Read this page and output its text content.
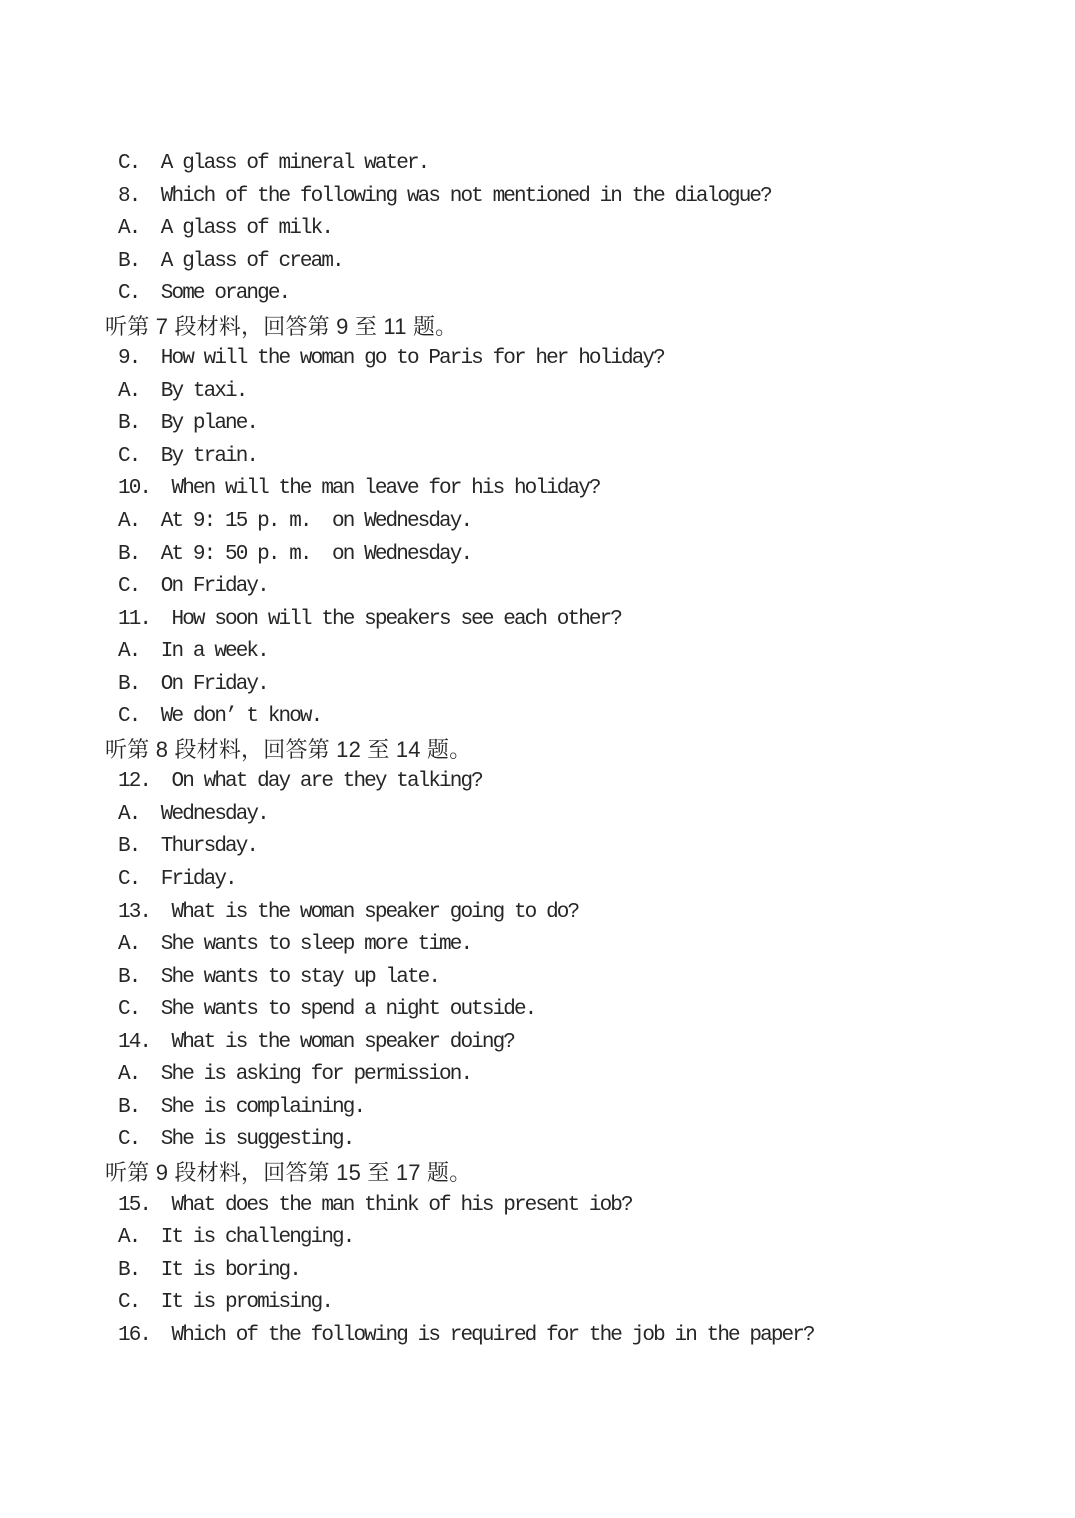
C.  A glass of mineral water.
8.  Which of the following was not mentioned in the dialogue?
A.  A glass of milk.
B.  A glass of cream.
C.  Some orange.
听第 7 段材料，回答第 9 至 11 题。
9.  How will the woman go to Paris for her holiday?
A.  By taxi.
B.  By plane.
C.  By train.
10.  When will the man leave for his holiday?
A.  At 9: 15 p. m.  on Wednesday.
B.  At 9: 50 p. m.  on Wednesday.
C.  On Friday.
11.  How soon will the speakers see each other?
A.  In a week.
B.  On Friday.
C.  We don’ t know.
听第 8 段材料，回答第 12 至 14 题。
12.  On what day are they talking?
A.  Wednesday.
B.  Thursday.
C.  Friday.
13.  What is the woman speaker going to do?
A.  She wants to sleep more time.
B.  She wants to stay up late.
C.  She wants to spend a night outside.
14.  What is the woman speaker doing?
A.  She is asking for permission.
B.  She is complaining.
C.  She is suggesting.
听第 9 段材料，回答第 15 至 17 题。
15.  What does the man think of his present iob?
A.  It is challenging.
B.  It is boring.
C.  It is promising.
16.  Which of the following is required for the job in the paper?
